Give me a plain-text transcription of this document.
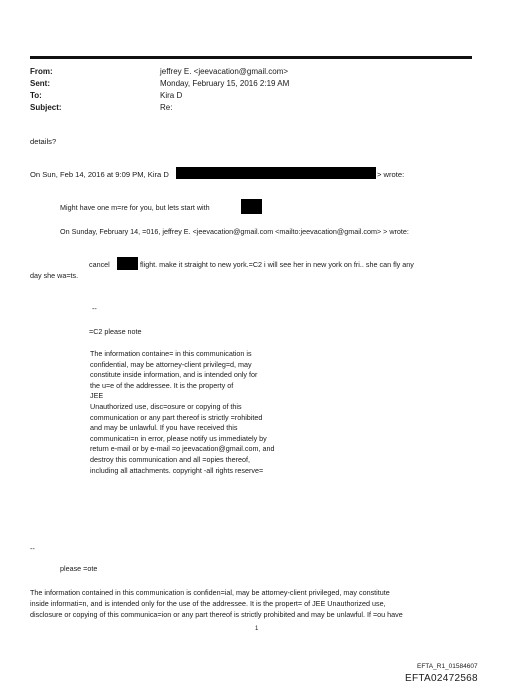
From:	jeffrey E. <jeevacation@gmail.com>
Sent:	Monday, February 15, 2016 2:19 AM
To:	Kira D
Subject:	Re:
details?
On Sun, Feb 14, 2016 at 9:09 PM, Kira D	> wrote:
Might have one m=re for you, but lets start with
On Sunday, February 14, =016, jeffrey E. <jeevacation@gmail.com <mailto:jeevacation@gmail.com> > wrote:
cancel	flight. make it straight to new york.=C2 i will see her in new york on fri.. she can fly any
day she wa=ts.
--
=C2 please note
The information containe= in this communication is
confidential, may be attorney-client privileg=d, may
constitute inside information, and is intended only for
the u=e of the addressee. It is the property of
JEE
Unauthorized use, disc=osure or copying of this
communication or any part thereof is strictly =rohibited
and may be unlawful. If you have received this
communicati=n in error, please notify us immediately by
return e-mail or by e-mail =o jeevacation@gmail.com, and
destroy this communication and all =opies thereof,
including all attachments. copyright -all rights reserve=
--
please =ote
The information contained in this communication is confiden=ial, may be attorney-client privileged, may constitute
inside informati=n, and is intended only for the use of the addressee. It is the propert= of JEE Unauthorized use,
disclosure or copying of this communica=ion or any part thereof is strictly prohibited and may be unlawful. If =ou have
1
EFTA_R1_01584607
EFTA02472568
